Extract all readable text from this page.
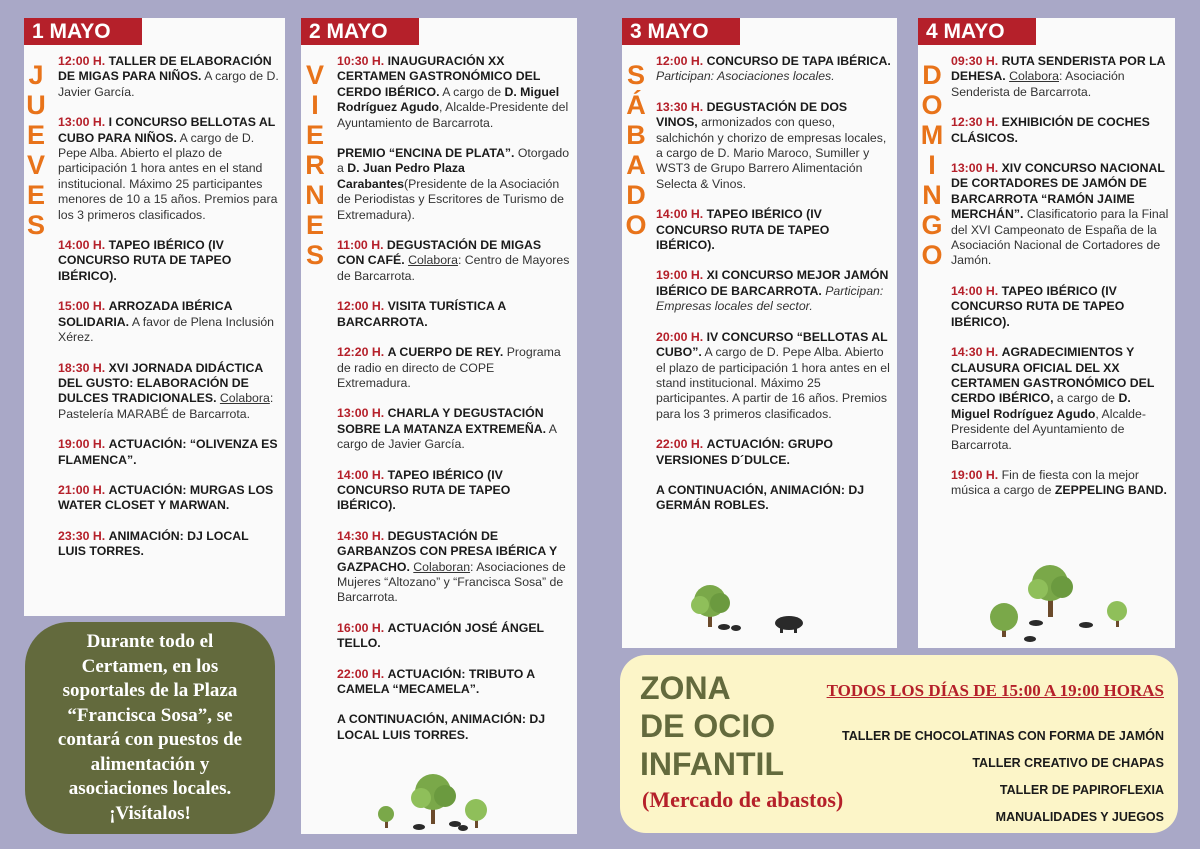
1 MAYO
J
U
E
V
E
S
12:00 H. TALLER DE ELABORACIÓN DE MIGAS PARA NIÑOS. A cargo de D. Javier García.
13:00 H. I CONCURSO BELLOTAS AL CUBO PARA NIÑOS. A cargo de D. Pepe Alba. Abierto el plazo de participación 1 hora antes en el stand institucional. Máximo 25 participantes menores de 10 a 15 años. Premios para los 3 primeros clasificados.
14:00 H. TAPEO IBÉRICO (IV CONCURSO RUTA DE TAPEO IBÉRICO).
15:00 H. ARROZADA IBÉRICA SOLIDARIA. A favor de Plena Inclusión Xérez.
18:30 H. XVI JORNADA DIDÁCTICA DEL GUSTO: ELABORACIÓN DE DULCES TRADICIONALES. Colabora: Pastelería MARABÉ de Barcarrota.
19:00 H. ACTUACIÓN: “OLIVENZA ES FLAMENCA”.
21:00 H. ACTUACIÓN: MURGAS LOS WATER CLOSET Y MARWAN.
23:30 H. ANIMACIÓN: DJ LOCAL LUIS TORRES.
2 MAYO
V
I
E
R
N
E
S
10:30 H. INAUGURACIÓN XX CERTAMEN GASTRONÓMICO DEL CERDO IBÉRICO. A cargo de D. Miguel Rodríguez Agudo, Alcalde-Presidente del Ayuntamiento de Barcarrota.
PREMIO “ENCINA DE PLATA”. Otorgado a D. Juan Pedro Plaza Carabantes(Presidente de la Asociación de Periodistas y Escritores de Turismo de Extremadura).
11:00 H. DEGUSTACIÓN DE MIGAS CON CAFÉ. Colabora: Centro de Mayores de Barcarrota.
12:00 H. VISITA TURÍSTICA A BARCARROTA.
12:20 H. A CUERPO DE REY. Programa de radio en directo de COPE Extremadura.
13:00 H. CHARLA Y DEGUSTACIÓN SOBRE LA MATANZA EXTREMEÑA. A cargo de Javier García.
14:00 H. TAPEO IBÉRICO (IV CONCURSO RUTA DE TAPEO IBÉRICO).
14:30 H. DEGUSTACIÓN DE GARBANZOS CON PRESA IBÉRICA Y GAZPACHO. Colaboran: Asociaciones de Mujeres “Altozano” y “Francisca Sosa” de Barcarrota.
16:00 H. ACTUACIÓN JOSÉ ÁNGEL TELLO.
22:00 H. ACTUACIÓN: TRIBUTO A CAMELA “MECAMELA”.
A CONTINUACIÓN, ANIMACIÓN: DJ LOCAL LUIS TORRES.
3 MAYO
S
Á
B
A
D
O
12:00 H. CONCURSO DE TAPA IBÉRICA. Participan: Asociaciones locales.
13:30 H. DEGUSTACIÓN DE DOS VINOS, armonizados con queso, salchichón y chorizo de empresas locales, a cargo de D. Mario Maroco, Sumiller y WST3 de Grupo Barrero Alimentación Selecta & Vinos.
14:00 H. TAPEO IBÉRICO (IV CONCURSO RUTA DE TAPEO IBÉRICO).
19:00 H. XI CONCURSO MEJOR JAMÓN IBÉRICO DE BARCARROTA. Participan: Empresas locales del sector.
20:00 H. IV CONCURSO “BELLOTAS AL CUBO”. A cargo de D. Pepe Alba. Abierto el plazo de participación 1 hora antes en el stand institucional. Máximo 25 participantes. A partir de 16 años. Premios para los 3 primeros clasificados.
22:00 H. ACTUACIÓN: GRUPO VERSIONES D´DULCE.
A CONTINUACIÓN, ANIMACIÓN: DJ GERMÁN ROBLES.
4 MAYO
D
O
M
I
N
G
O
09:30 H. RUTA SENDERISTA POR LA DEHESA. Colabora: Asociación Senderista de Barcarrota.
12:30 H. EXHIBICIÓN DE COCHES CLÁSICOS.
13:00 H. XIV CONCURSO NACIONAL DE CORTADORES DE JAMÓN DE BARCARROTA “RAMÓN JAIME MERCHÁN”. Clasificatorio para la Final del XVI Campeonato de España de la Asociación Nacional de Cortadores de Jamón.
14:00 H. TAPEO IBÉRICO (IV CONCURSO RUTA DE TAPEO IBÉRICO).
14:30 H. AGRADECIMIENTOS Y CLAUSURA OFICIAL DEL XX CERTAMEN GASTRONÓMICO DEL CERDO IBÉRICO, a cargo de D. Miguel Rodríguez Agudo, Alcalde-Presidente del Ayuntamiento de Barcarrota.
19:00 H. Fin de fiesta con la mejor música a cargo de ZEPPELING BAND.
Durante todo el
Certamen, en los
soportales de la Plaza
“Francisca Sosa”, se
contará con puestos de
alimentación y
asociaciones locales.
¡Visítalos!
ZONA
DE OCIO
INFANTIL
(Mercado de abastos)
TODOS LOS DÍAS DE 15:00 A 19:00 HORAS
TALLER DE CHOCOLATINAS CON FORMA DE JAMÓN
TALLER CREATIVO DE CHAPAS
TALLER DE PAPIROFLEXIA
MANUALIDADES Y JUEGOS
